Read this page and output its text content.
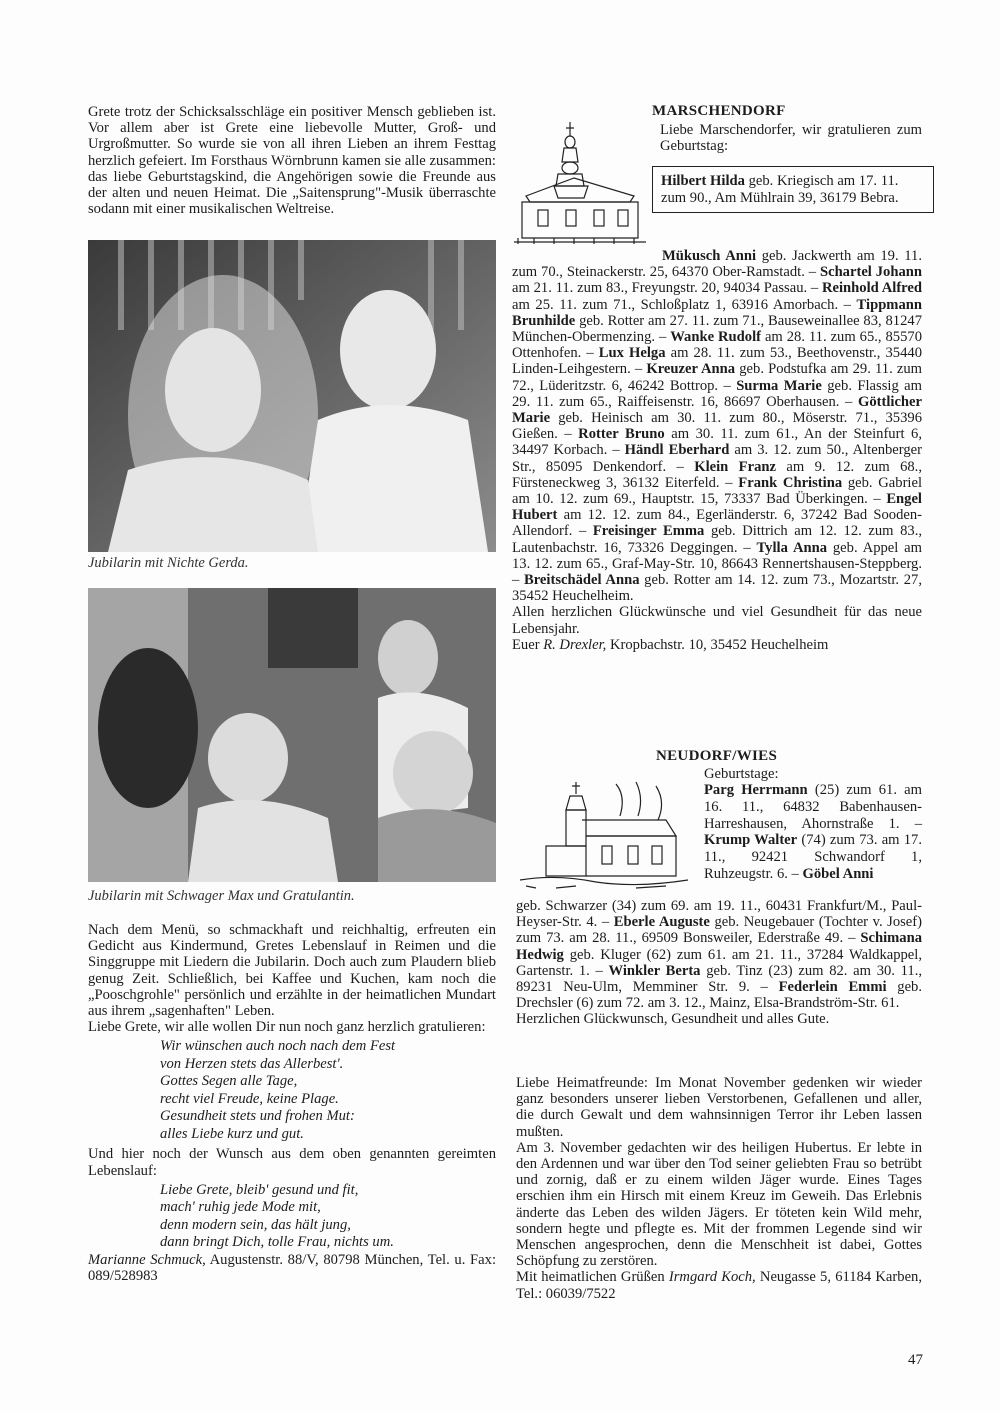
Grete trotz der Schicksalsschläge ein positiver Mensch geblieben ist. Vor allem aber ist Grete eine liebevolle Mutter, Groß- und Urgroßmutter. So wurde sie von all ihren Lieben an ihrem Festtag herzlich gefeiert. Im Forsthaus Wörnbrunn kamen sie alle zusammen: das liebe Geburtstagskind, die Angehörigen sowie die Freunde aus der alten und neuen Heimat. Die „Saitensprung"-Musik überraschte sodann mit einer musikalischen Weltreise.
Jubilarin mit Nichte Gerda.
Jubilarin mit Schwager Max und Gratulantin.

Nach dem Menü, so schmackhaft und reichhaltig, erfreuten ein Gedicht aus Kindermund, Gretes Lebenslauf in Reimen und die Singgruppe mit Liedern die Jubilarin. Doch auch zum Plaudern blieb genug Zeit. Schließlich, bei Kaffee und Kuchen, kam noch die „Pooschgrohle" persönlich und erzählte in der heimatlichen Mundart aus ihrem „sagenhaften" Leben.

Liebe Grete, wir alle wollen Dir nun noch ganz herzlich gratulieren:

Wir wünschen auch noch nach dem Fest
von Herzen stets das Allerbest'.
Gottes Segen alle Tage,
recht viel Freude, keine Plage.
Gesundheit stets und frohen Mut:
alles Liebe kurz und gut.

Und hier noch der Wunsch aus dem oben genannten gereimten Lebenslauf:

Liebe Grete, bleib' gesund und fit,
mach' ruhig jede Mode mit,
denn modern sein, das hält jung,
dann bringt Dich, tolle Frau, nichts um.

Marianne Schmuck, Augustenstr. 88/V, 80798 München, Tel. u. Fax: 089/528983

MARSCHENDORF
Liebe Marschendorfer, wir gratulieren zum Geburtstag:
Hilbert Hilda geb. Kriegisch am 17. 11. zum 90., Am Mühlrain 39, 36179 Bebra.

Mükusch Anni geb. Jackwerth am 19. 11. zum 70., Steinackerstr. 25, 64370 Ober-Ramstadt. – Schartel Johann am 21. 11. zum 83., Freyungstr. 20, 94034 Passau. – Reinhold Alfred am 25. 11. zum 71., Schloßplatz 1, 63916 Amorbach. – Tippmann Brunhilde geb. Rotter am 27. 11. zum 71., Bauseweinallee 83, 81247 München-Obermenzing. – Wanke Rudolf am 28. 11. zum 65., 85570 Ottenhofen. – Lux Helga am 28. 11. zum 53., Beethovenstr., 35440 Linden-Leihgestern. – Kreuzer Anna geb. Podstufka am 29. 11. zum 72., Lüderitzstr. 6, 46242 Bottrop. – Surma Marie geb. Flassig am 29. 11. zum 65., Raiffeisenstr. 16, 86697 Oberhausen. – Göttlicher Marie geb. Heinisch am 30. 11. zum 80., Möserstr. 71., 35396 Gießen. – Rotter Bruno am 30. 11. zum 61., An der Steinfurt 6, 34497 Korbach. – Händl Eberhard am 3. 12. zum 50., Altenberger Str., 85095 Denkendorf. – Klein Franz am 9. 12. zum 68., Fürsteneckweg 3, 36132 Eiterfeld. – Frank Christina geb. Gabriel am 10. 12. zum 69., Hauptstr. 15, 73337 Bad Überkingen. – Engel Hubert am 12. 12. zum 84., Egerländerstr. 6, 37242 Bad Sooden-Allendorf. – Freisinger Emma geb. Dittrich am 12. 12. zum 83., Lautenbachstr. 16, 73326 Deggingen. – Tylla Anna geb. Appel am 13. 12. zum 65., Graf-May-Str. 10, 86643 Rennertshausen-Steppberg. – Breitschädel Anna geb. Rotter am 14. 12. zum 73., Mozartstr. 27, 35452 Heuchelheim.

Allen herzlichen Glückwünsche und viel Gesundheit für das neue Lebensjahr.

Euer R. Drexler, Kropbachstr. 10, 35452 Heuchelheim

NEUDORF/WIES
Geburtstage:

Parg Herrmann (25) zum 61. am 16. 11., 64832 Babenhausen-Harreshausen, Ahornstraße 1. – Krump Walter (74) zum 73. am 17. 11., 92421 Schwandorf 1, Ruhzeugstr. 6. – Göbel Anni

geb. Schwarzer (34) zum 69. am 19. 11., 60431 Frankfurt/M., Paul-Heyser-Str. 4. – Eberle Auguste geb. Neugebauer (Tochter v. Josef) zum 73. am 28. 11., 69509 Bonsweiler, Ederstraße 49. – Schimana Hedwig geb. Kluger (62) zum 61. am 21. 11., 37284 Waldkappel, Gartenstr. 1. – Winkler Berta geb. Tinz (23) zum 82. am 30. 11., 89231 Neu-Ulm, Memminer Str. 9. – Federlein Emmi geb. Drechsler (6) zum 72. am 3. 12., Mainz, Elsa-Brandström-Str. 61.

Herzlichen Glückwunsch, Gesundheit und alles Gute.

Liebe Heimatfreunde: Im Monat November gedenken wir wieder ganz besonders unserer lieben Verstorbenen, Gefallenen und aller, die durch Gewalt und dem wahnsinnigen Terror ihr Leben lassen mußten.

Am 3. November gedachten wir des heiligen Hubertus. Er lebte in den Ardennen und war über den Tod seiner geliebten Frau so betrübt und zornig, daß er zu einem wilden Jäger wurde. Eines Tages erschien ihm ein Hirsch mit einem Kreuz im Geweih. Das Erlebnis änderte das Leben des wilden Jägers. Er töteten kein Wild mehr, sondern hegte und pflegte es. Mit der frommen Legende sind wir Menschen angesprochen, denn die Menschheit ist dabei, Gottes Schöpfung zu zerstören.

Mit heimatlichen Grüßen Irmgard Koch, Neugasse 5, 61184 Karben, Tel.: 06039/7522

47
